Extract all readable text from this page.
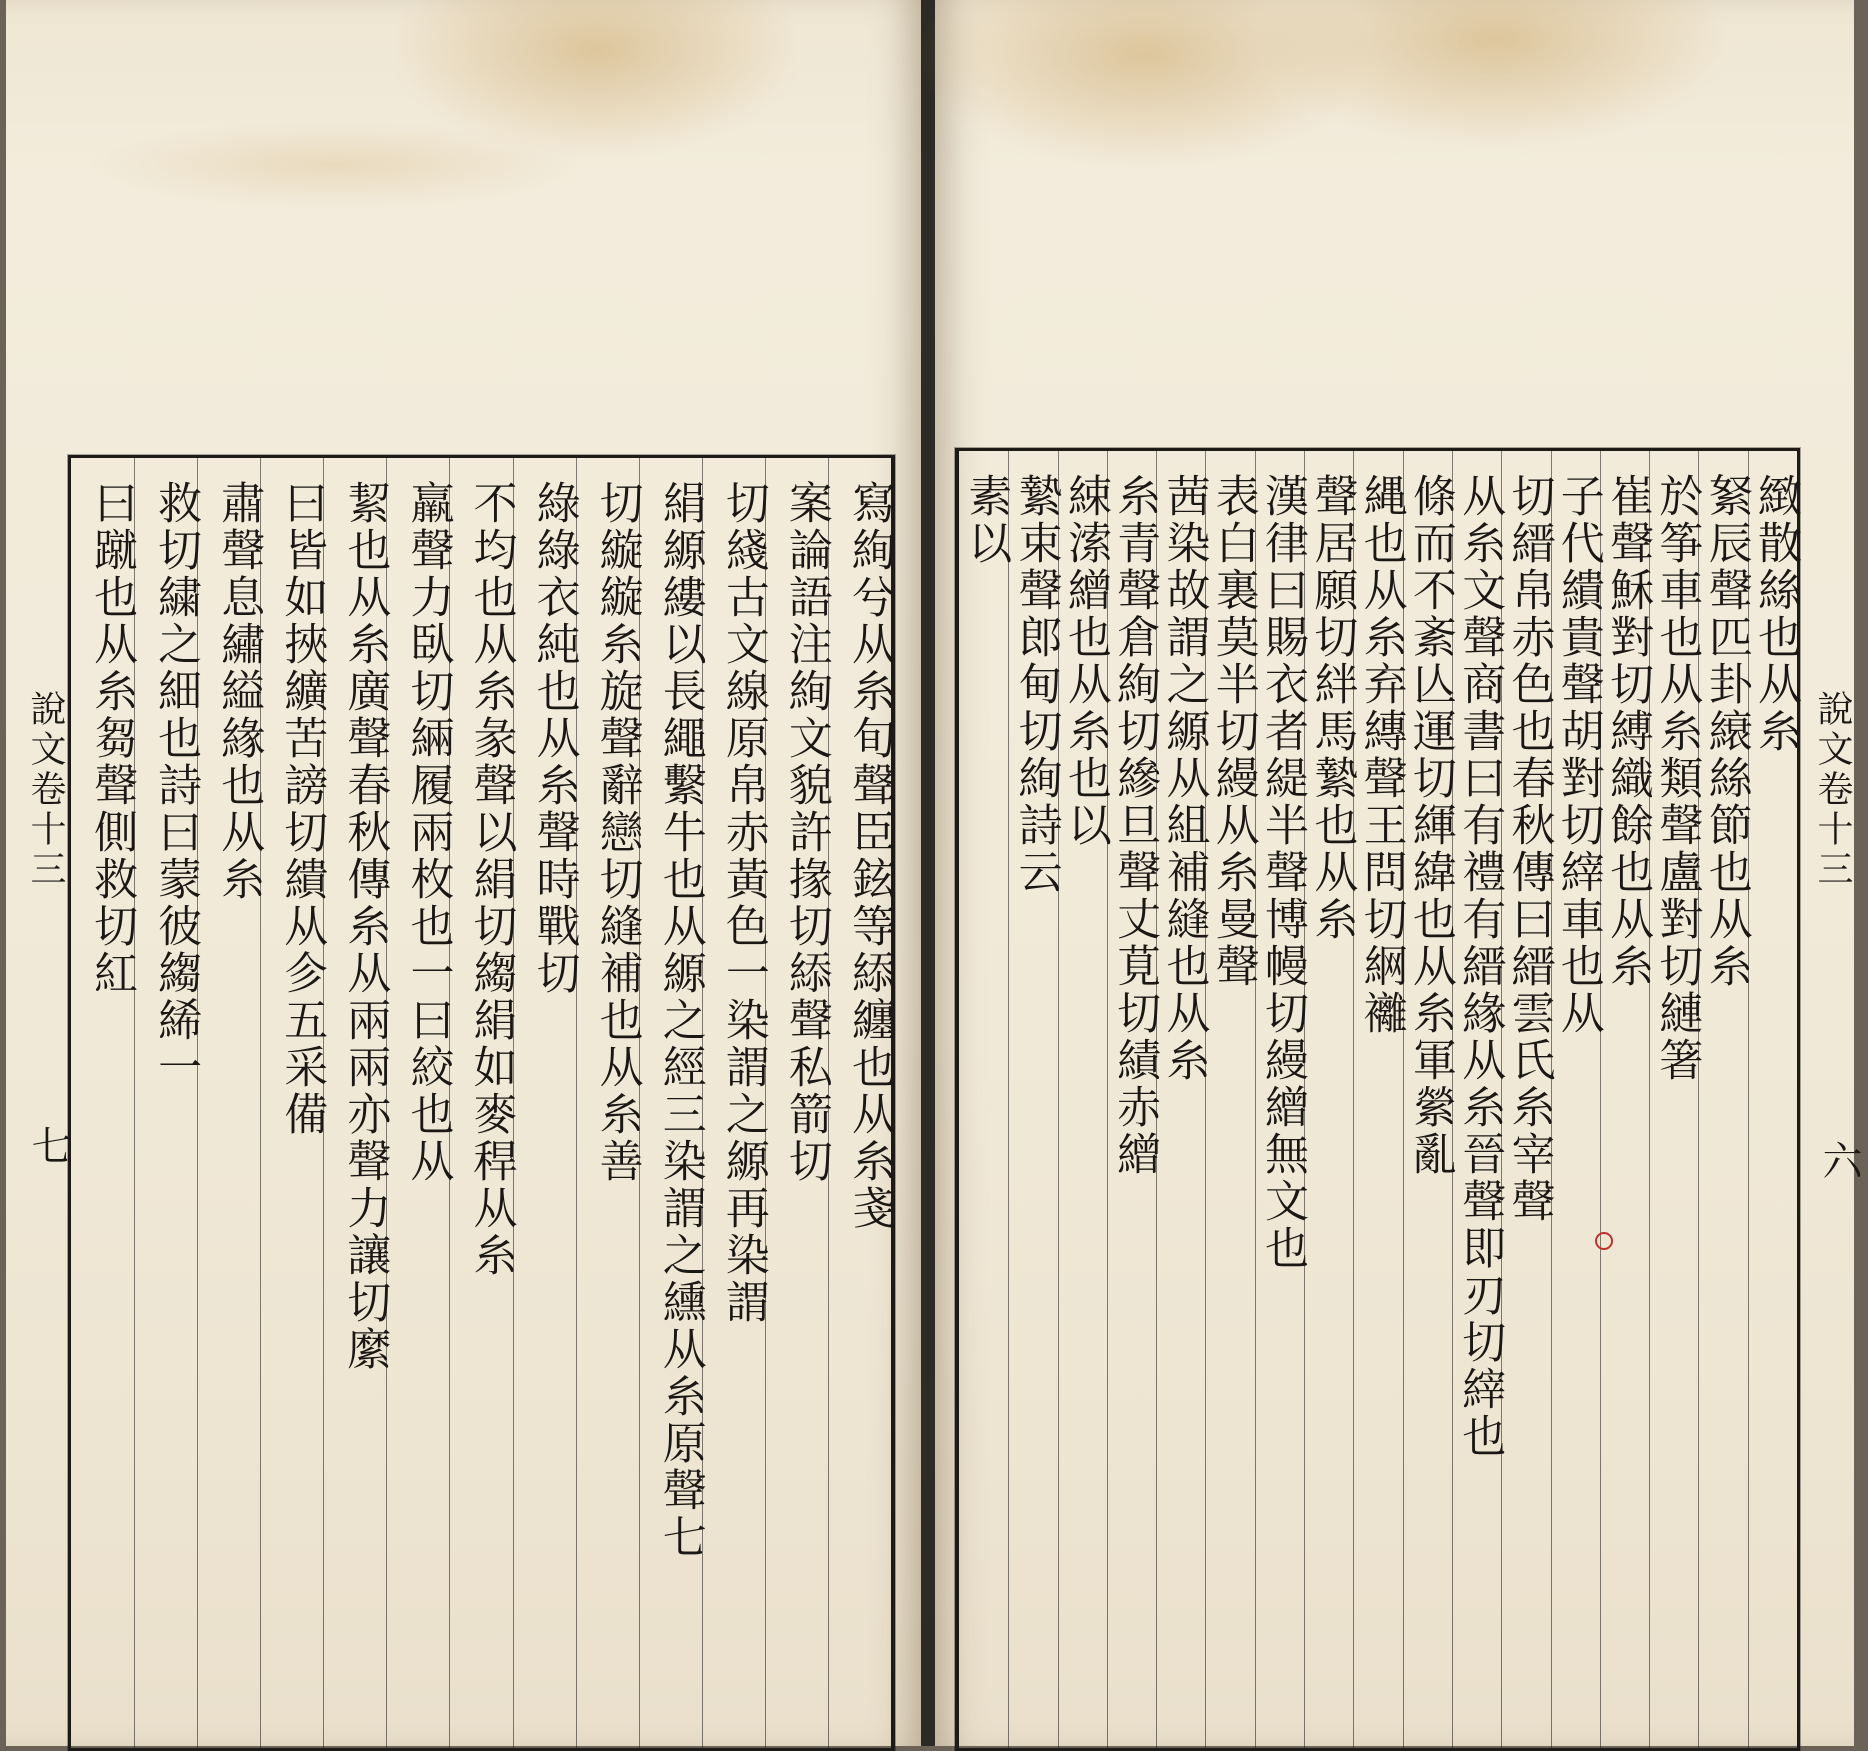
說文卷十三
七	寫絢兮从糸旬聲臣鉉等䋬纏也从糸戔
案論語注絢文貌許掾切䋬聲私箭切
切綫古文線原帛赤黃色一染謂之縓再染謂
絹縓縷以長繩繫牛也从縓之經三染謂之纁从糸原聲七
切縼縼糸旋聲辭戀切縫補也从糸善
綠綠衣純也从糸聲時戰切
不均也从糸彖聲以絹切縐絹如麥稈从糸
羸聲力臥切緉履兩枚也一曰絞也从
絜也从糸廣聲春秋傳糸从兩兩亦聲力讓切縻
曰皆如挾纊苦謗切繢从㐱五采備
肅聲息繡縊緣也从糸
救切繍之細也詩曰蒙彼縐絺一
曰蹴也从糸芻聲側救切紅	緻散絲也从糸
䋈辰聲匹卦縗絲節也从糸
於筝車也从糸類聲盧對切縺箸
崔聲穌對切縛織餘也从糸
子代繢貴聲胡對切縡車也从
切縉帛赤色也春秋傳曰縉雲氏糸宰聲
从糸文聲商書曰有禮有縉緣从糸晉聲即刃切縡也
條而不紊亾運切緷緯也从糸軍縈亂
縄也从糸弃縳聲王問切䋞䙰
聲居願切絆馬縶也从糸
漢律曰賜衣者緹半聲博幔切縵繒無文也
表白裏莫半切縵从糸曼聲
茜染故謂之縓从組補縫也从糸
糸青聲倉絢切縿旦聲丈莧切績赤繒
綀溹繒也从糸也以
縶束聲郎甸切絢詩云
素以
說文卷十三
六
